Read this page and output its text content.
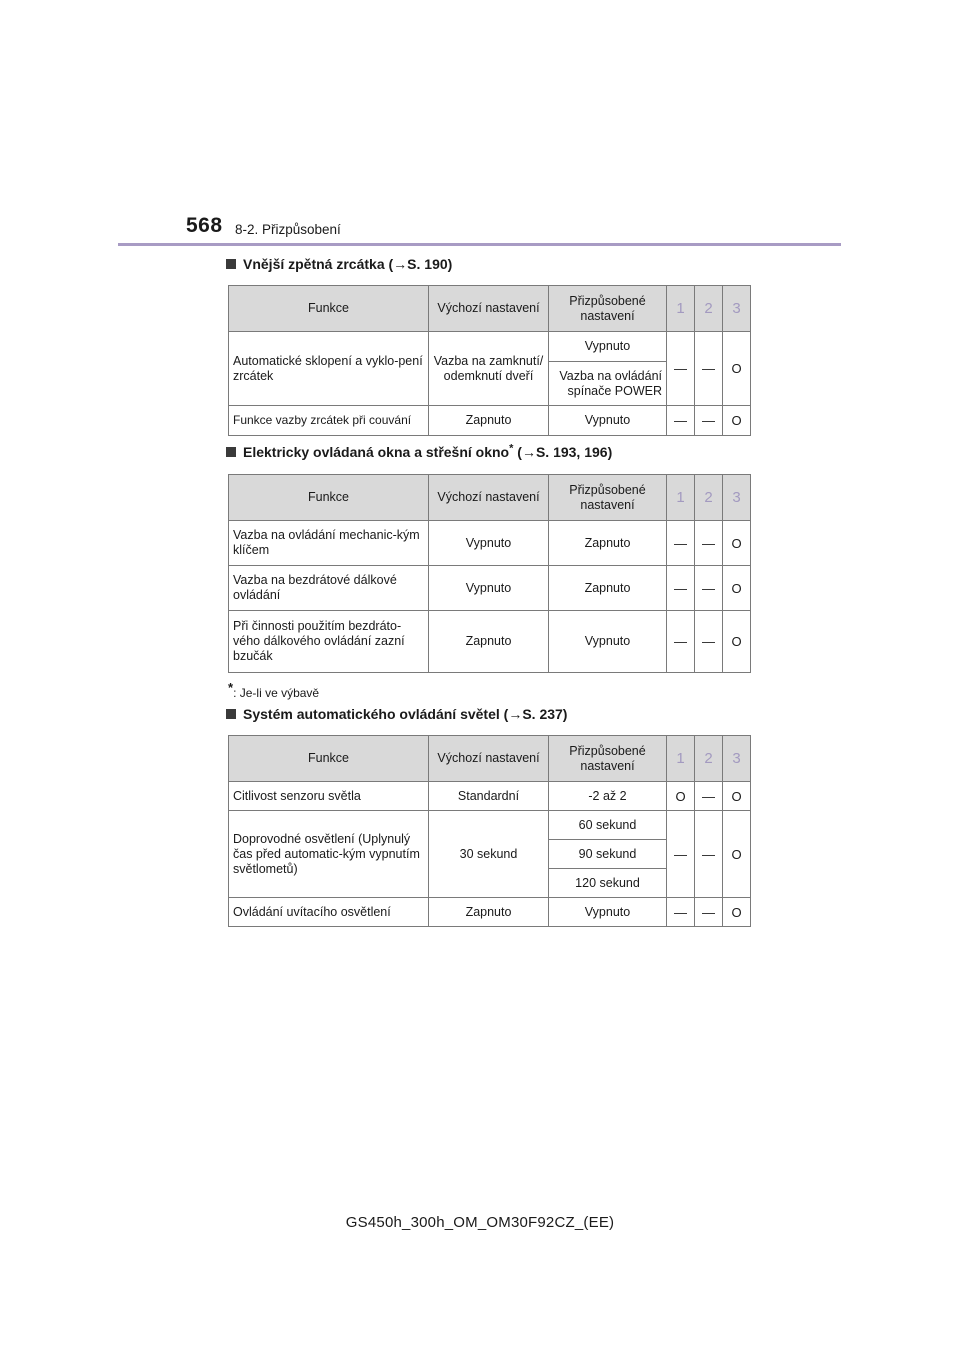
568 8-2. Přizpůsobení
Vnější zpětná zrcátka (→S. 190)
Funkce	Výchozí nastavení	Přizpůsobené nastavení	1	2	3
Automatické sklopení a vyklo-pení zrcátek	Vazba na zamknutí/ odemknutí dveří	Vypnuto	—	—	O
		Vazba na ovládání spínače POWER			
Funkce vazby zrcátek při couvání	Zapnuto	Vypnuto	—	—	O
Elektricky ovládaná okna a střešní okno* (→S. 193, 196)
Funkce	Výchozí nastavení	Přizpůsobené nastavení	1	2	3
Vazba na ovládání mechanic-kým klíčem	Vypnuto	Zapnuto	—	—	O
Vazba na bezdrátové dálkové ovládání	Vypnuto	Zapnuto	—	—	O
Při činnosti použitím bezdráto-vého dálkového ovládání zazní bzučák	Zapnuto	Vypnuto	—	—	O
*: Je-li ve výbavě
Systém automatického ovládání světel (→S. 237)
Funkce	Výchozí nastavení	Přizpůsobené nastavení	1	2	3
Citlivost senzoru světla	Standardní	-2 až 2	O	—	O
Doprovodné osvětlení (Uplynulý čas před automatic-kým vypnutím světlometů)	30 sekund	60 sekund	—	—	O
		90 sekund			
		120 sekund			
Ovládání uvítacího osvětlení	Zapnuto	Vypnuto	—	—	O
GS450h_300h_OM_OM30F92CZ_(EE)
